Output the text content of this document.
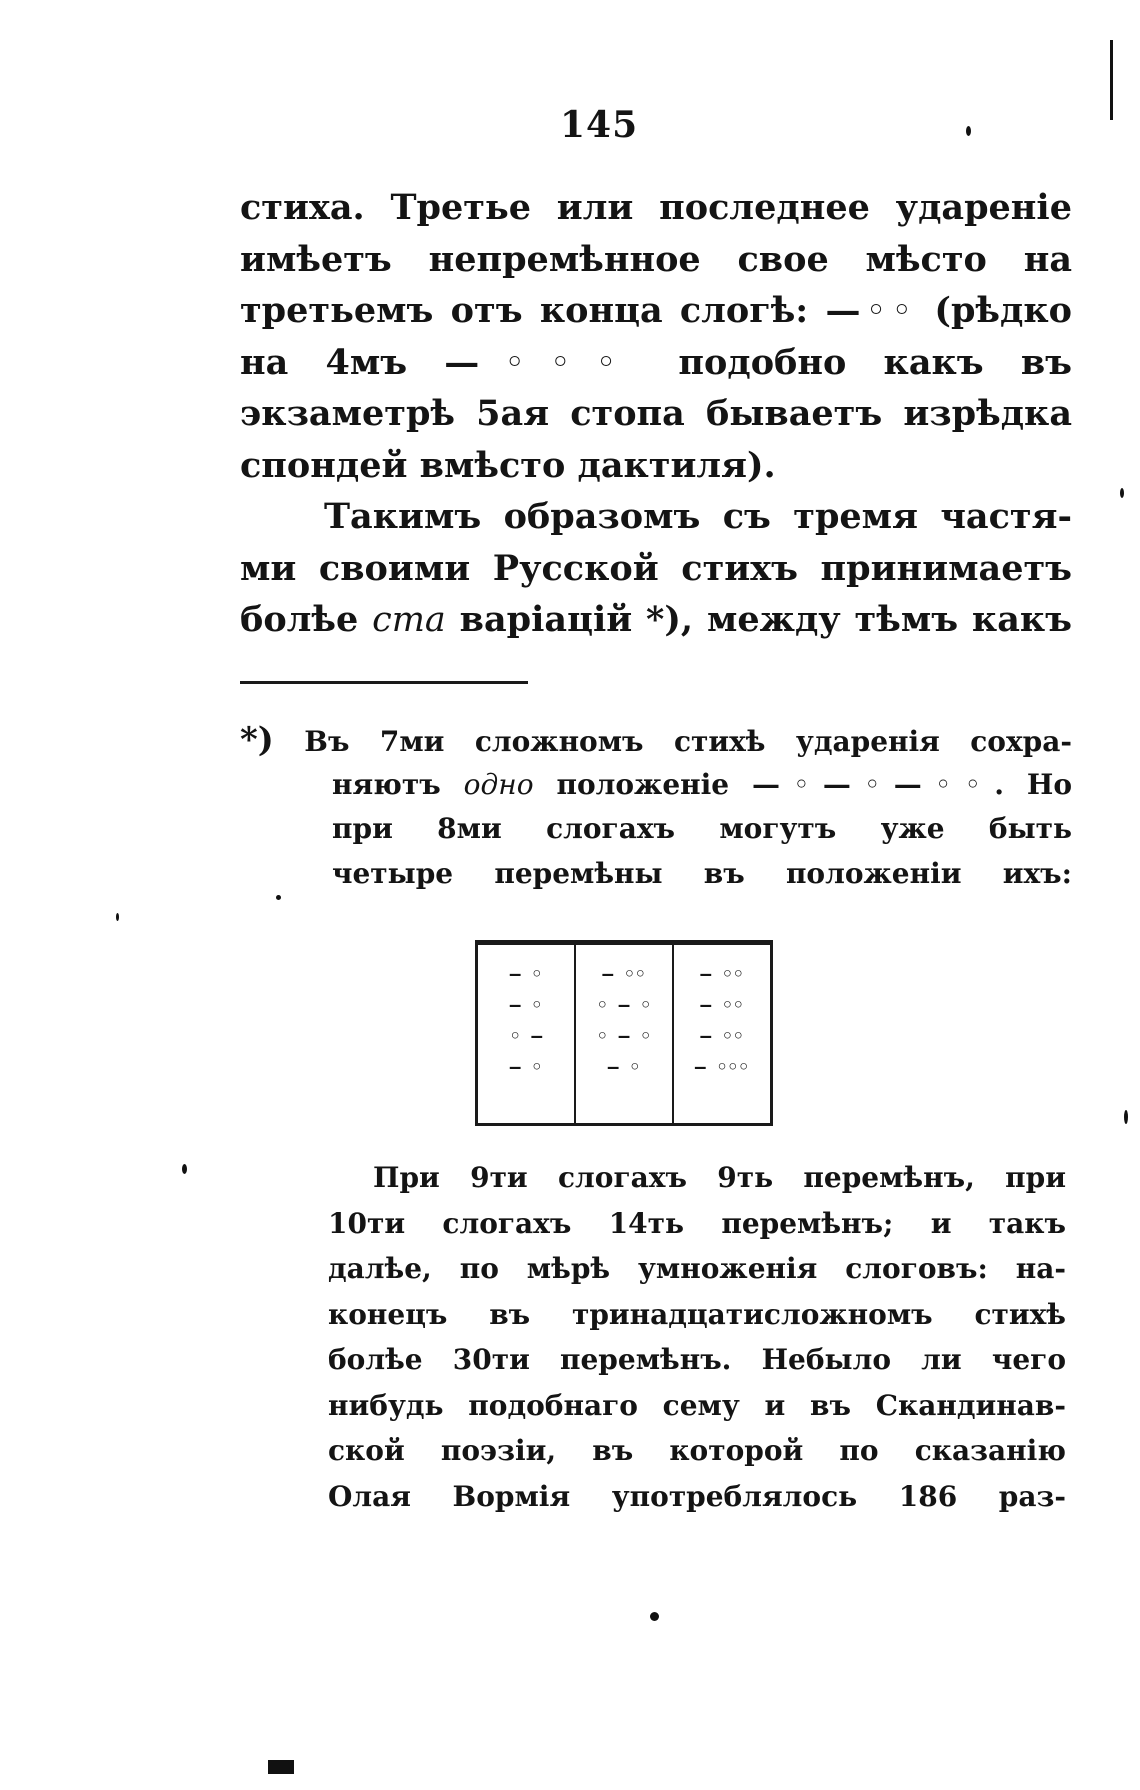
145
стиха. Третье или последнее удареніе
имѣетъ непремѣнное свое мѣсто на
третьемъ отъ конца слогѣ: —◦◦ (рѣдко
на 4мъ —◦◦◦ подобно какъ въ
экзаметрѣ 5ая стопа бываетъ изрѣдка
спондей вмѣсто дактиля).
Такимъ образомъ съ тремя частя-
ми своими Русской стихъ принимаетъ
болѣе ста варіацій *), между тѣмъ какъ
*) Въ 7ми сложномъ стихѣ ударенія сохра-
няютъ одно положеніе —◦—◦—◦◦. Но
при 8ми слогахъ могутъ уже быть
четыре перемѣны въ положеніи ихъ:
— ◦
— ◦
◦ —
— ◦
— ◦◦
◦ — ◦
◦ — ◦
— ◦
— ◦◦
— ◦◦
— ◦◦
— ◦◦◦
При 9ти слогахъ 9ть перемѣнъ, при
10ти слогахъ 14ть перемѣнъ; и такъ
далѣе, по мѣрѣ умноженія слоговъ: на-
конецъ въ тринадцатисложномъ стихѣ
болѣе 30ти перемѣнъ. Небыло ли чего
нибудь подобнаго сему и въ Скандинав-
ской поэзіи, въ которой по сказанію
Олая Вормія употреблялось 186 раз-
